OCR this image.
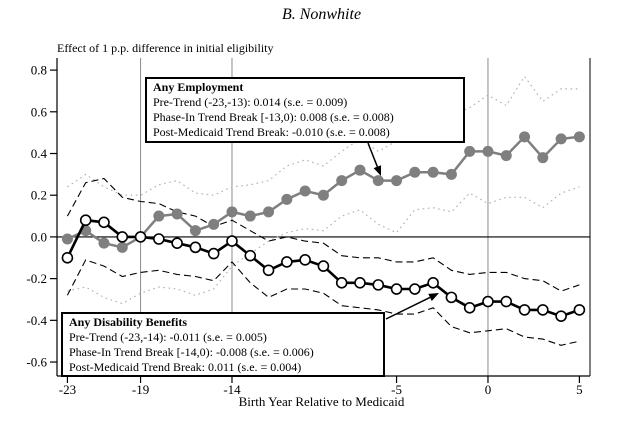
B. Nonwhite
Effect of 1 p.p. difference in initial eligibility
0.8
0.6
0.4
0.2
0.0
-0.2
-0.4
-0.6
-23	-19	-14	-5	0	5
Any Employment
Pre-Trend (-23,-13): 0.014 (s.e. = 0.009)
Phase-In Trend Break [-13,0): 0.008 (s.e. = 0.008)
Post-Medicaid Trend Break: -0.010 (s.e. = 0.008)
Any Disability Benefits
Pre-Trend (-23,-14): -0.011 (s.e. = 0.005)
Phase-In Trend Break [-14,0): -0.008 (s.e. = 0.006)
Post-Medicaid Trend Break: 0.011 (s.e. = 0.004)
Birth Year Relative to Medicaid
